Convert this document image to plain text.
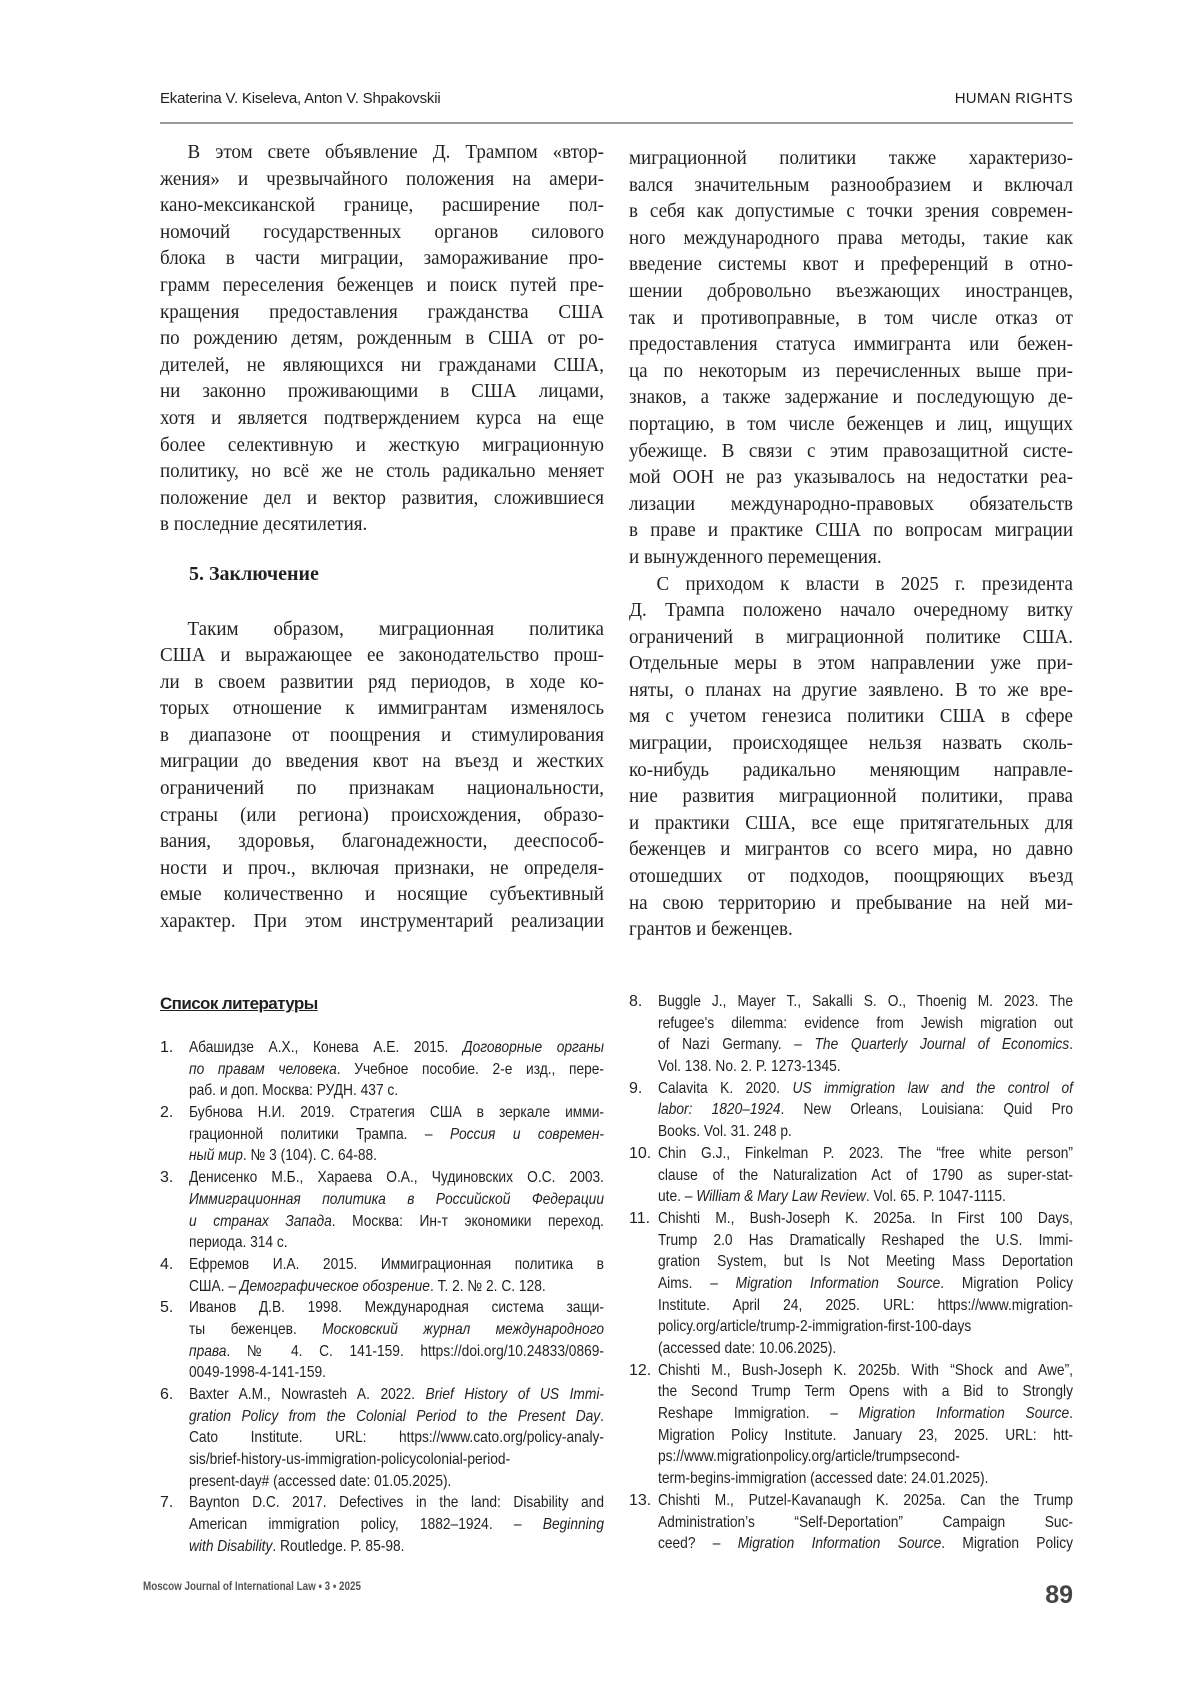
Ekaterina V. Kiseleva, Anton V. Shpakovskii	HUMAN RIGHTS
В этом свете объявление Д. Трампом «втор-
жения» и чрезвычайного положения на амери-
кано-мексиканской границе, расширение пол-
номочий государственных органов силового
блока в части миграции, замораживание про-
грамм переселения беженцев и поиск путей пре-
кращения предоставления гражданства США
по рождению детям, рожденным в США от ро-
дителей, не являющихся ни гражданами США,
ни законно проживающими в США лицами,
хотя и является подтверждением курса на еще
более селективную и жесткую миграционную
политику, но всё же не столь радикально меняет
положение дел и вектор развития, сложившиеся
в последние десятилетия.
5. Заключение
Таким образом, миграционная политика
США и выражающее ее законодательство прош-
ли в своем развитии ряд периодов, в ходе ко-
торых отношение к иммигрантам изменялось
в диапазоне от поощрения и стимулирования
миграции до введения квот на въезд и жестких
ограничений по признакам национальности,
страны (или региона) происхождения, образо-
вания, здоровья, благонадежности, дееспособ-
ности и проч., включая признаки, не определя-
емые количественно и носящие субъективный
характер. При этом инструментарий реализации
миграционной политики также характеризо-
вался значительным разнообразием и включал
в себя как допустимые с точки зрения современ-
ного международного права методы, такие как
введение системы квот и преференций в отно-
шении добровольно въезжающих иностранцев,
так и противоправные, в том числе отказ от
предоставления статуса иммигранта или бежен-
ца по некоторым из перечисленных выше при-
знаков, а также задержание и последующую де-
портацию, в том числе беженцев и лиц, ищущих
убежище. В связи с этим правозащитной систе-
мой ООН не раз указывалось на недостатки реа-
лизации международно-правовых обязательств
в праве и практике США по вопросам миграции
и вынужденного перемещения.
С приходом к власти в 2025 г. президента
Д. Трампа положено начало очередному витку
ограничений в миграционной политике США.
Отдельные меры в этом направлении уже при-
няты, о планах на другие заявлено. В то же вре-
мя с учетом генезиса политики США в сфере
миграции, происходящее нельзя назвать сколь-
ко-нибудь радикально меняющим направле-
ние развития миграционной политики, права
и практики США, все еще притягательных для
беженцев и мигрантов со всего мира, но давно
отошедших от подходов, поощряющих въезд
на свою территорию и пребывание на ней ми-
грантов и беженцев.
Список литературы
1. Абашидзе А.Х., Конева А.Е. 2015. Договорные органы
по правам человека. Учебное пособие. 2-е изд., пере-
раб. и доп. Москва: РУДН. 437 с.
2. Бубнова Н.И. 2019. Стратегия США в зеркале имми-
грационной политики Трампа. – Россия и современ-
ный мир. № 3 (104). С. 64-88.
3. Денисенко М.Б., Хараева О.А., Чудиновских О.С. 2003.
Иммиграционная политика в Российской Федерации
и странах Запада. Москва: Ин-т экономики переход.
периода. 314 с.
4. Ефремов И.А. 2015. Иммиграционная политика в
США. – Демографическое обозрение. Т. 2. № 2. С. 128.
5. Иванов Д.В. 1998. Международная система защи-
ты беженцев. Московский журнал международного
права. № 4. С. 141-159. https://doi.org/10.24833/0869-
0049-1998-4-141-159.
6. Baxter A.M., Nowrasteh A. 2022. Brief History of US Immi-
gration Policy from the Colonial Period to the Present Day.
Cato Institute. URL: https://www.cato.org/policy-analy-
sis/brief-history-us-immigration-policycolonial-period-
present-day# (accessed date: 01.05.2025).
7. Baynton D.C. 2017. Defectives in the land: Disability and
American immigration policy, 1882–1924. – Beginning
with Disability. Routledge. P. 85-98.
8. Buggle J., Mayer T., Sakalli S. O., Thoenig M. 2023. The
refugee's dilemma: evidence from Jewish migration out
of Nazi Germany. – The Quarterly Journal of Economics.
Vol. 138. No. 2. P. 1273-1345.
9. Calavita K. 2020. US immigration law and the control of
labor: 1820–1924. New Orleans, Louisiana: Quid Pro
Books. Vol. 31. 248 p.
10. Chin G.J., Finkelman P. 2023. The “free white person”
clause of the Naturalization Act of 1790 as super-stat-
ute. – William & Mary Law Review. Vol. 65. P. 1047-1115.
11. Chishti M., Bush-Joseph K. 2025a. In First 100 Days,
Trump 2.0 Has Dramatically Reshaped the U.S. Immi-
gration System, but Is Not Meeting Mass Deportation
Aims. – Migration Information Source. Migration Policy
Institute. April 24, 2025. URL: https://www.migration-
policy.org/article/trump-2-immigration-first-100-days
(accessed date: 10.06.2025).
12. Chishti M., Bush-Joseph K. 2025b. With “Shock and Awe”,
the Second Trump Term Opens with a Bid to Strongly
Reshape Immigration. – Migration Information Source.
Migration Policy Institute. January 23, 2025. URL: htt-
ps://www.migrationpolicy.org/article/trumpsecond-
term-begins-immigration (accessed date: 24.01.2025).
13. Chishti M., Putzel-Kavanaugh K. 2025a. Can the Trump
Administration’s “Self-Deportation” Campaign Suc-
ceed? – Migration Information Source. Migration Policy
Moscow Journal of International Law • 3 • 2025	89
